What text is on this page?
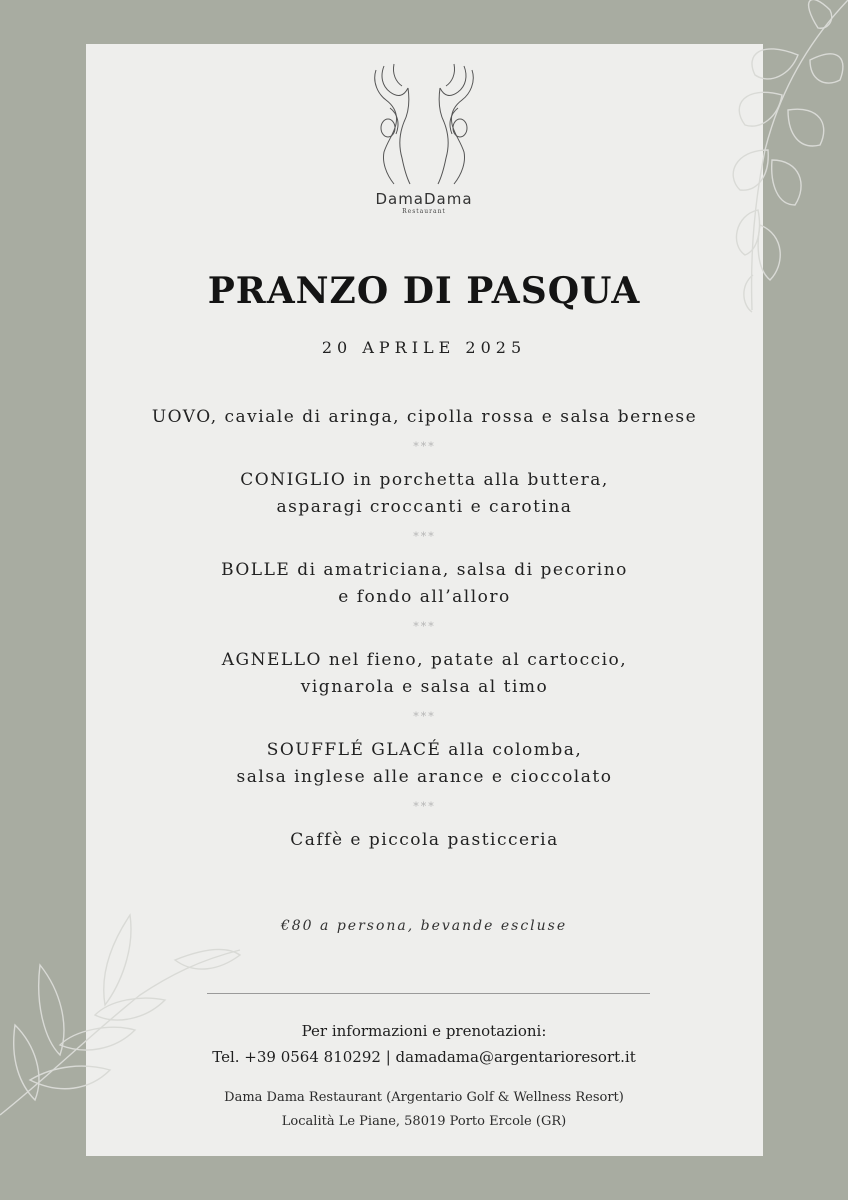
DamaDama
Restaurant
PRANZO DI PASQUA
20 APRILE 2025
UOVO, caviale di aringa, cipolla rossa e salsa bernese
***
CONIGLIO in porchetta alla buttera,
asparagi croccanti e carotina
***
BOLLE di amatriciana, salsa di pecorino
e fondo all’alloro
***
AGNELLO nel fieno, patate al cartoccio,
vignarola e salsa al timo
***
SOUFFLÉ GLACÉ alla colomba,
salsa inglese alle arance e cioccolato
***
Caffè e piccola pasticceria
€80 a persona, bevande escluse
Per informazioni e prenotazioni:
Tel. +39 0564 810292 | damadama@argentarioresort.it
Dama Dama Restaurant (Argentario Golf & Wellness Resort)
Località Le Piane, 58019 Porto Ercole (GR)
